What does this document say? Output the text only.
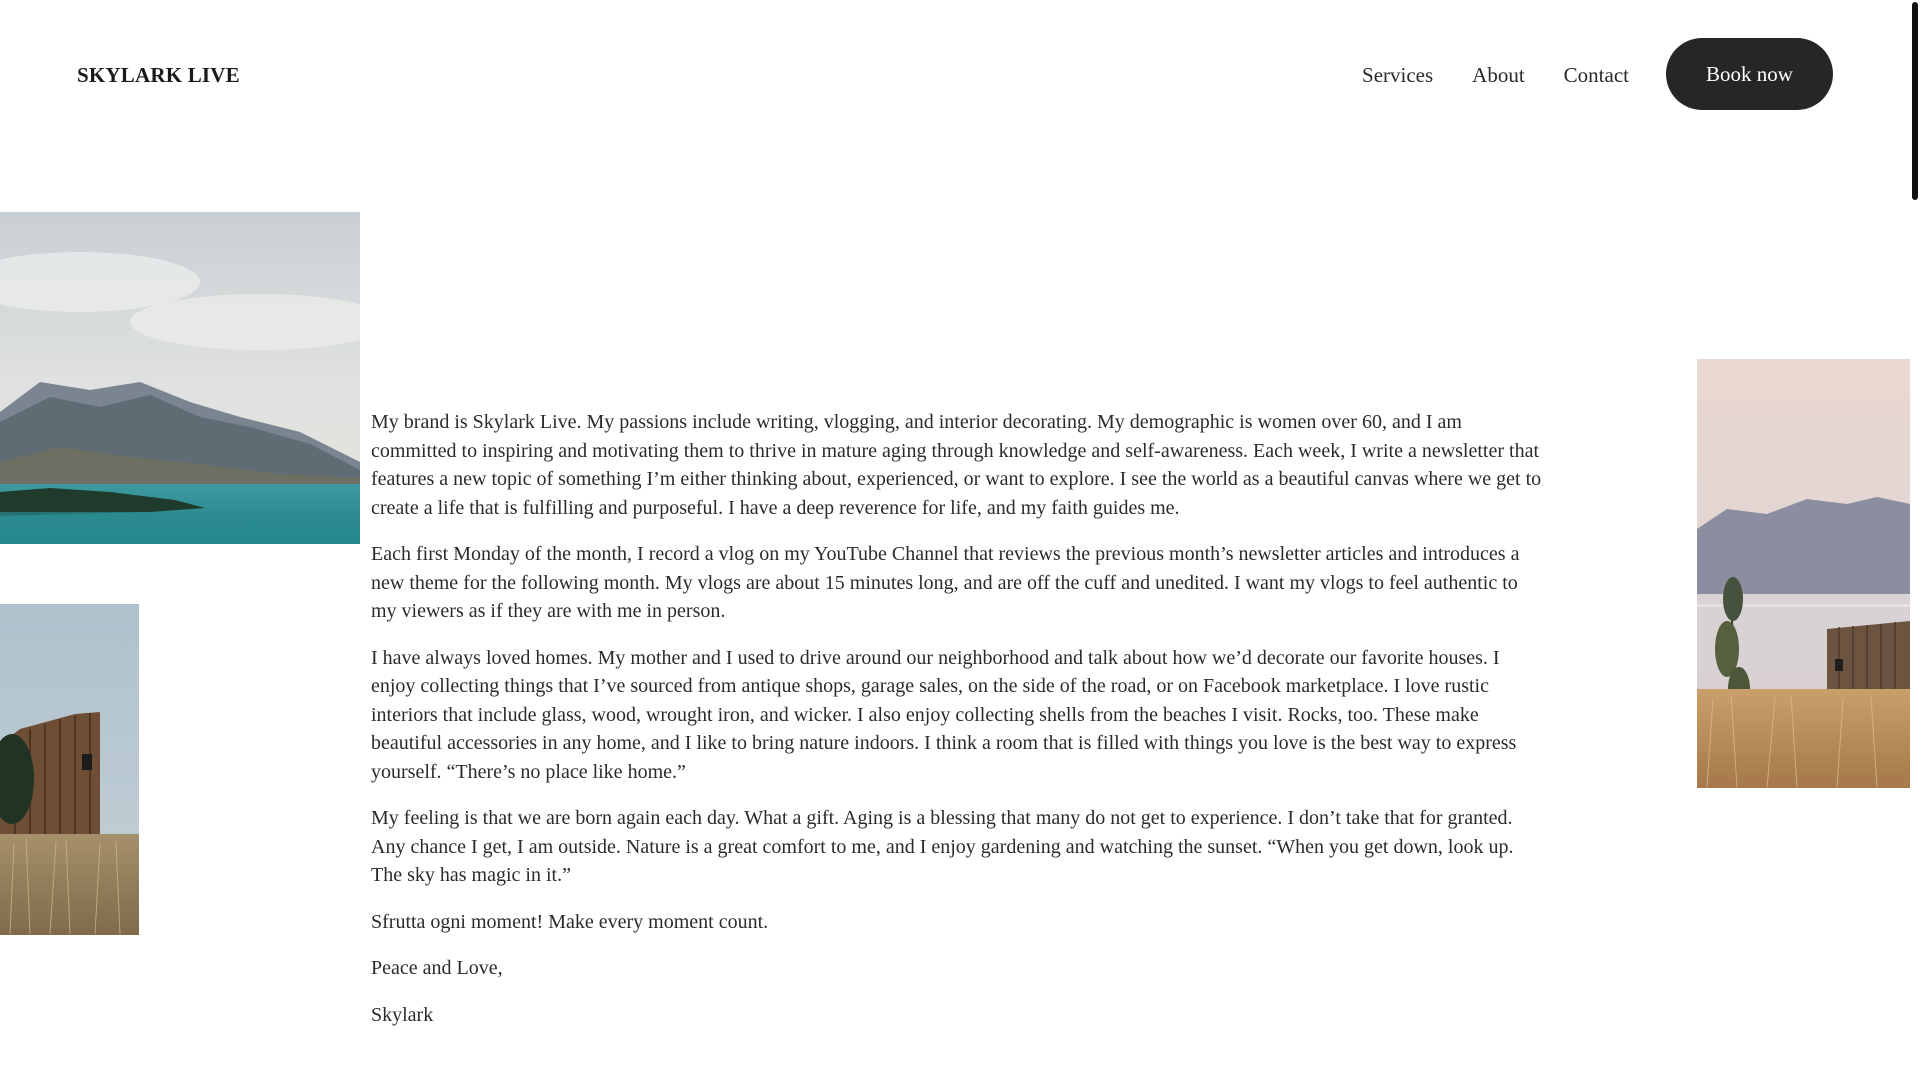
SKYLARK LIVE	Services About Contact	Book now

My brand is Skylark Live. My passions include writing, vlogging, and interior decorating. My demographic is women over 60, and I am committed to inspiring and motivating them to thrive in mature aging through knowledge and self-awareness. Each week, I write a newsletter that features a new topic of something I’m either thinking about, experienced, or want to explore. I see the world as a beautiful canvas where we get to create a life that is fulfilling and purposeful. I have a deep reverence for life, and my faith guides me.

Each first Monday of the month, I record a vlog on my YouTube Channel that reviews the previous month’s newsletter articles and introduces a new theme for the following month. My vlogs are about 15 minutes long, and are off the cuff and unedited. I want my vlogs to feel authentic to my viewers as if they are with me in person.

I have always loved homes. My mother and I used to drive around our neighborhood and talk about how we’d decorate our favorite houses. I enjoy collecting things that I’ve sourced from antique shops, garage sales, on the side of the road, or on Facebook marketplace. I love rustic interiors that include glass, wood, wrought iron, and wicker. I also enjoy collecting shells from the beaches I visit. Rocks, too. These make beautiful accessories in any home, and I like to bring nature indoors. I think a room that is filled with things you love is the best way to express yourself. “There’s no place like home.”

My feeling is that we are born again each day. What a gift. Aging is a blessing that many do not get to experience. I don’t take that for granted. Any chance I get, I am outside. Nature is a great comfort to me, and I enjoy gardening and watching the sunset. “When you get down, look up. The sky has magic in it.”

Sfrutta ogni moment! Make every moment count.

Peace and Love,

Skylark
